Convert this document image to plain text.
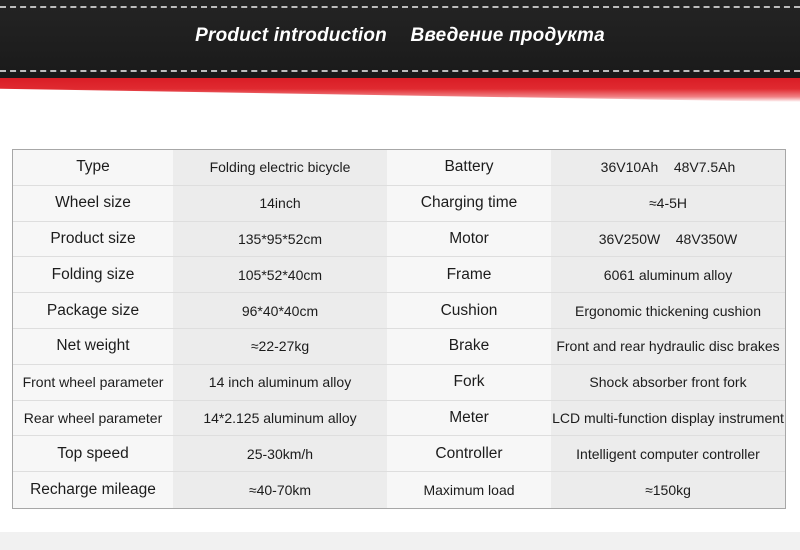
Product introduction Введение продукта
Type	Folding electric bicycle	Battery	36V10Ah    48V7.5Ah
Wheel size	14inch	Charging time	≈4-5H
Product size	135*95*52cm	Motor	36V250W    48V350W
Folding size	105*52*40cm	Frame	6061 aluminum alloy
Package size	96*40*40cm	Cushion	Ergonomic thickening cushion
Net weight	≈22-27kg	Brake	Front and rear hydraulic disc brakes
Front wheel parameter	14 inch aluminum alloy	Fork	Shock absorber front fork
Rear wheel parameter	14*2.125 aluminum alloy	Meter	LCD multi-function display instrument
Top speed	25-30km/h	Controller	Intelligent computer controller
Recharge mileage	≈40-70km	Maximum load	≈150kg
